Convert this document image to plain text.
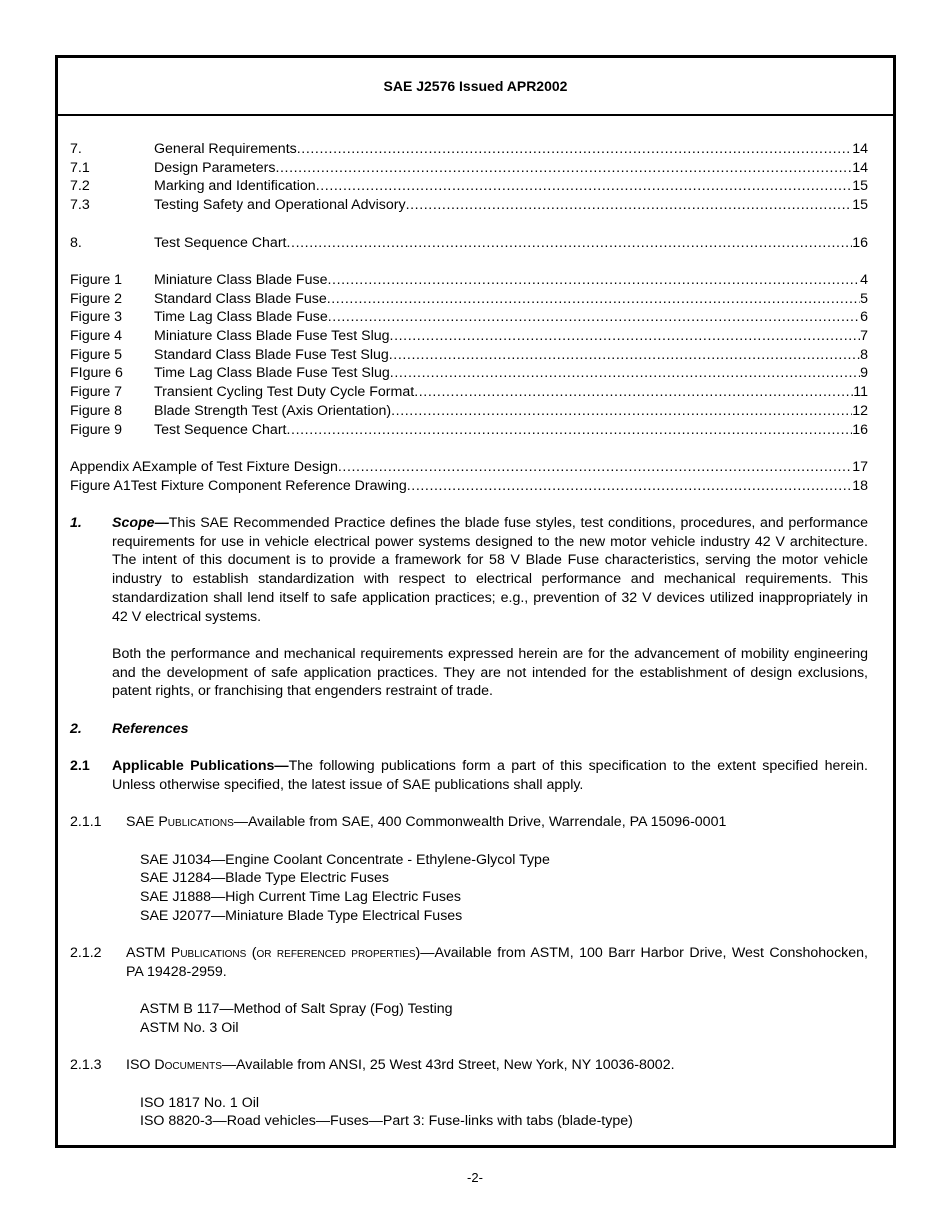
SAE J2576 Issued APR2002
7.	General Requirements .....	14
7.1	Design Parameters .....	14
7.2	Marking and Identification .....	15
7.3	Testing Safety and Operational Advisory .....	15
8.	Test Sequence Chart .....	16
Figure 1	Miniature Class Blade Fuse .....	4
Figure 2	Standard Class Blade Fuse .....	5
Figure 3	Time Lag Class Blade Fuse .....	6
Figure 4	Miniature Class Blade Fuse Test Slug .....	7
Figure 5	Standard Class Blade Fuse Test Slug .....	8
FIgure 6	Time Lag Class Blade Fuse Test Slug .....	9
Figure 7	Transient Cycling Test Duty Cycle Format .....	11
Figure 8	Blade Strength Test (Axis Orientation) .....	12
Figure 9	Test Sequence Chart .....	16
Appendix A Example of Test Fixture Design .....	17
Figure A1 Test Fixture Component Reference Drawing .....	18
1.	Scope—This SAE Recommended Practice defines the blade fuse styles, test conditions, procedures, and performance requirements for use in vehicle electrical power systems designed to the new motor vehicle industry 42 V architecture. The intent of this document is to provide a framework for 58 V Blade Fuse characteristics, serving the motor vehicle industry to establish standardization with respect to electrical performance and mechanical requirements. This standardization shall lend itself to safe application practices; e.g., prevention of 32 V devices utilized inappropriately in 42 V electrical systems.
Both the performance and mechanical requirements expressed herein are for the advancement of mobility engineering and the development of safe application practices. They are not intended for the establishment of design exclusions, patent rights, or franchising that engenders restraint of trade.
2.	References
2.1	Applicable Publications—The following publications form a part of this specification to the extent specified herein. Unless otherwise specified, the latest issue of SAE publications shall apply.
2.1.1	SAE Publications—Available from SAE, 400 Commonwealth Drive, Warrendale, PA 15096-0001
SAE J1034—Engine Coolant Concentrate - Ethylene-Glycol Type
SAE J1284—Blade Type Electric Fuses
SAE J1888—High Current Time Lag Electric Fuses
SAE J2077—Miniature Blade Type Electrical Fuses
2.1.2	ASTM Publications (or referenced properties)—Available from ASTM, 100 Barr Harbor Drive, West Conshohocken, PA 19428-2959.
ASTM B 117—Method of Salt Spray (Fog) Testing
ASTM No. 3 Oil
2.1.3	ISO Documents—Available from ANSI, 25 West 43rd Street, New York, NY 10036-8002.
ISO 1817 No. 1 Oil
ISO 8820-3—Road vehicles—Fuses—Part 3: Fuse-links with tabs (blade-type)
-2-
